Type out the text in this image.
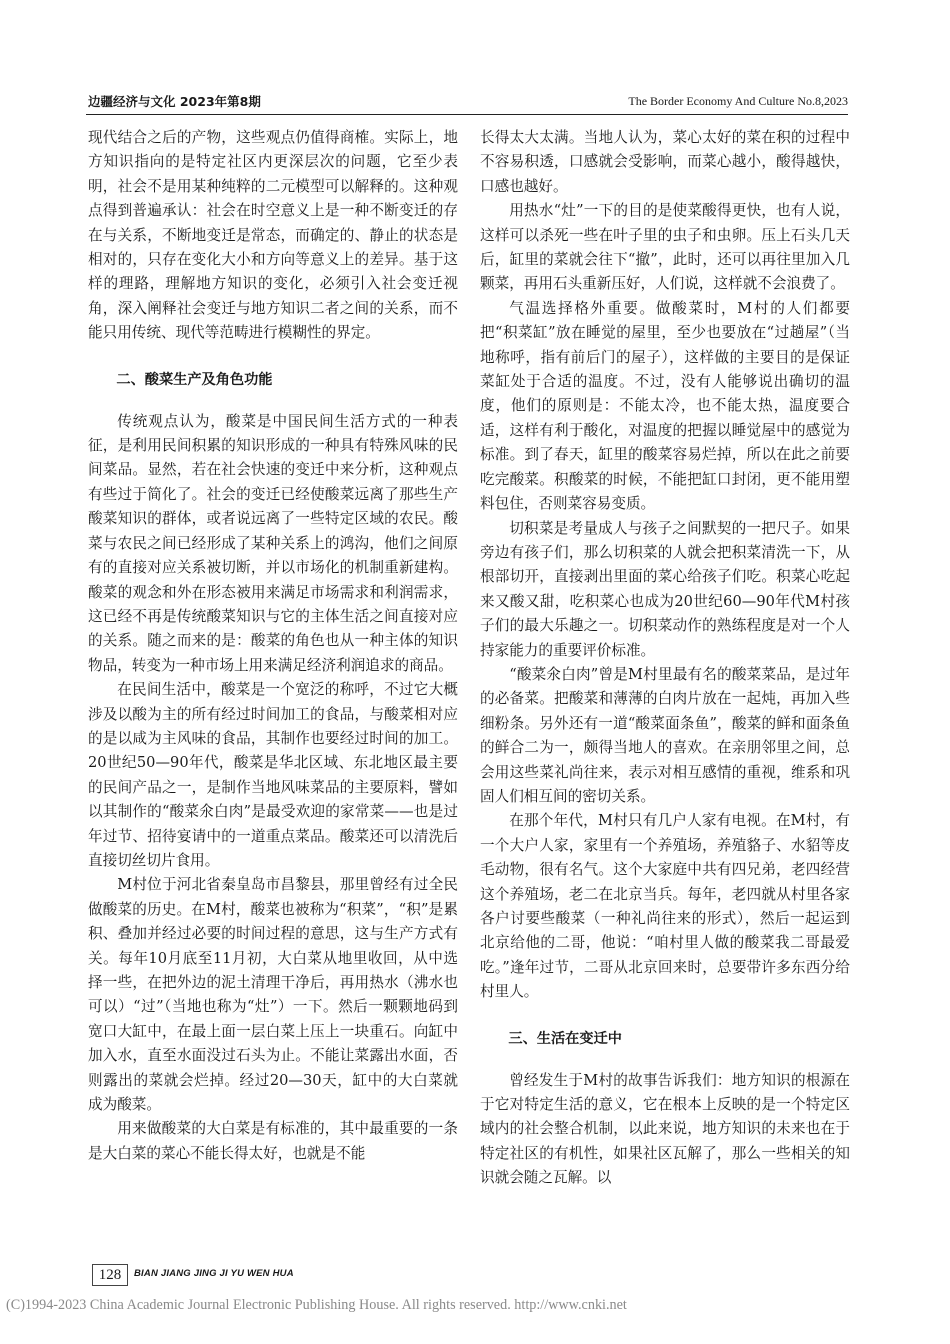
边疆经济与文化 2023年第8期	The Border Economy And Culture No.8,2023

现代结合之后的产物，这些观点仍值得商榷。实际上，地方知识指向的是特定社区内更深层次的问题，它至少表明，社会不是用某种纯粹的二元模型可以解释的。这种观点得到普遍承认：社会在时空意义上是一种不断变迁的存在与关系，不断地变迁是常态，而确定的、静止的状态是相对的，只存在变化大小和方向等意义上的差异。基于这样的理路，理解地方知识的变化，必须引入社会变迁视角，深入阐释社会变迁与地方知识二者之间的关系，而不能只用传统、现代等范畴进行模糊性的界定。

二、酸菜生产及角色功能

传统观点认为，酸菜是中国民间生活方式的一种表征，是利用民间积累的知识形成的一种具有特殊风味的民间菜品。显然，若在社会快速的变迁中来分析，这种观点有些过于简化了。社会的变迁已经使酸菜远离了那些生产酸菜知识的群体，或者说远离了一些特定区域的农民。酸菜与农民之间已经形成了某种关系上的鸿沟，他们之间原有的直接对应关系被切断，并以市场化的机制重新建构。酸菜的观念和外在形态被用来满足市场需求和利润需求，这已经不再是传统酸菜知识与它的主体生活之间直接对应的关系。随之而来的是：酸菜的角色也从一种主体的知识物品，转变为一种市场上用来满足经济利润追求的商品。

在民间生活中，酸菜是一个宽泛的称呼，不过它大概涉及以酸为主的所有经过时间加工的食品，与酸菜相对应的是以咸为主风味的食品，其制作也要经过时间的加工。20世纪50—90年代，酸菜是华北区域、东北地区最主要的民间产品之一，是制作当地风味菜品的主要原料，譬如以其制作的“酸菜氽白肉”是最受欢迎的家常菜——也是过年过节、招待宴请中的一道重点菜品。酸菜还可以清洗后直接切丝切片食用。

M村位于河北省秦皇岛市昌黎县，那里曾经有过全民做酸菜的历史。在M村，酸菜也被称为“积菜”，“积”是累积、叠加并经过必要的时间过程的意思，这与生产方式有关。每年10月底至11月初，大白菜从地里收回，从中选择一些，在把外边的泥土清理干净后，再用热水（沸水也可以）“过”（当地也称为“灶”）一下。然后一颗颗地码到宽口大缸中，在最上面一层白菜上压上一块重石。向缸中加入水，直至水面没过石头为止。不能让菜露出水面，否则露出的菜就会烂掉。经过20—30天，缸中的大白菜就成为酸菜。

用来做酸菜的大白菜是有标准的，其中最重要的一条是大白菜的菜心不能长得太好，也就是不能

长得太大太满。当地人认为，菜心太好的菜在积的过程中不容易积透，口感就会受影响，而菜心越小，酸得越快，口感也越好。

用热水“灶”一下的目的是使菜酸得更快，也有人说，这样可以杀死一些在叶子里的虫子和虫卵。压上石头几天后，缸里的菜就会往下“撤”，此时，还可以再往里加入几颗菜，再用石头重新压好，人们说，这样就不会浪费了。

气温选择格外重要。做酸菜时，M村的人们都要把“积菜缸”放在睡觉的屋里，至少也要放在“过趟屋”（当地称呼，指有前后门的屋子），这样做的主要目的是保证菜缸处于合适的温度。不过，没有人能够说出确切的温度，他们的原则是：不能太冷，也不能太热，温度要合适，这样有利于酸化，对温度的把握以睡觉屋中的感觉为标准。到了春天，缸里的酸菜容易烂掉，所以在此之前要吃完酸菜。积酸菜的时候，不能把缸口封闭，更不能用塑料包住，否则菜容易变质。

切积菜是考量成人与孩子之间默契的一把尺子。如果旁边有孩子们，那么切积菜的人就会把积菜清洗一下，从根部切开，直接剥出里面的菜心给孩子们吃。积菜心吃起来又酸又甜，吃积菜心也成为20世纪60—90年代M村孩子们的最大乐趣之一。切积菜动作的熟练程度是对一个人持家能力的重要评价标准。

“酸菜氽白肉”曾是M村里最有名的酸菜菜品，是过年的必备菜。把酸菜和薄薄的白肉片放在一起炖，再加入些细粉条。另外还有一道“酸菜面条鱼”，酸菜的鲜和面条鱼的鲜合二为一，颇得当地人的喜欢。在亲朋邻里之间，总会用这些菜礼尚往来，表示对相互感情的重视，维系和巩固人们相互间的密切关系。

在那个年代，M村只有几户人家有电视。在M村，有一个大户人家，家里有一个养殖场，养殖貉子、水貂等皮毛动物，很有名气。这个大家庭中共有四兄弟，老四经营这个养殖场，老二在北京当兵。每年，老四就从村里各家各户讨要些酸菜（一种礼尚往来的形式），然后一起运到北京给他的二哥，他说：“咱村里人做的酸菜我二哥最爱吃。”逢年过节，二哥从北京回来时，总要带许多东西分给村里人。

三、生活在变迁中

曾经发生于M村的故事告诉我们：地方知识的根源在于它对特定生活的意义，它在根本上反映的是一个特定区域内的社会整合机制，以此来说，地方知识的未来也在于特定社区的有机性，如果社区瓦解了，那么一些相关的知识就会随之瓦解。以

128	BIAN JIANG JING JI YU WEN HUA
(C)1994-2023 China Academic Journal Electronic Publishing House. All rights reserved. http://www.cnki.net
